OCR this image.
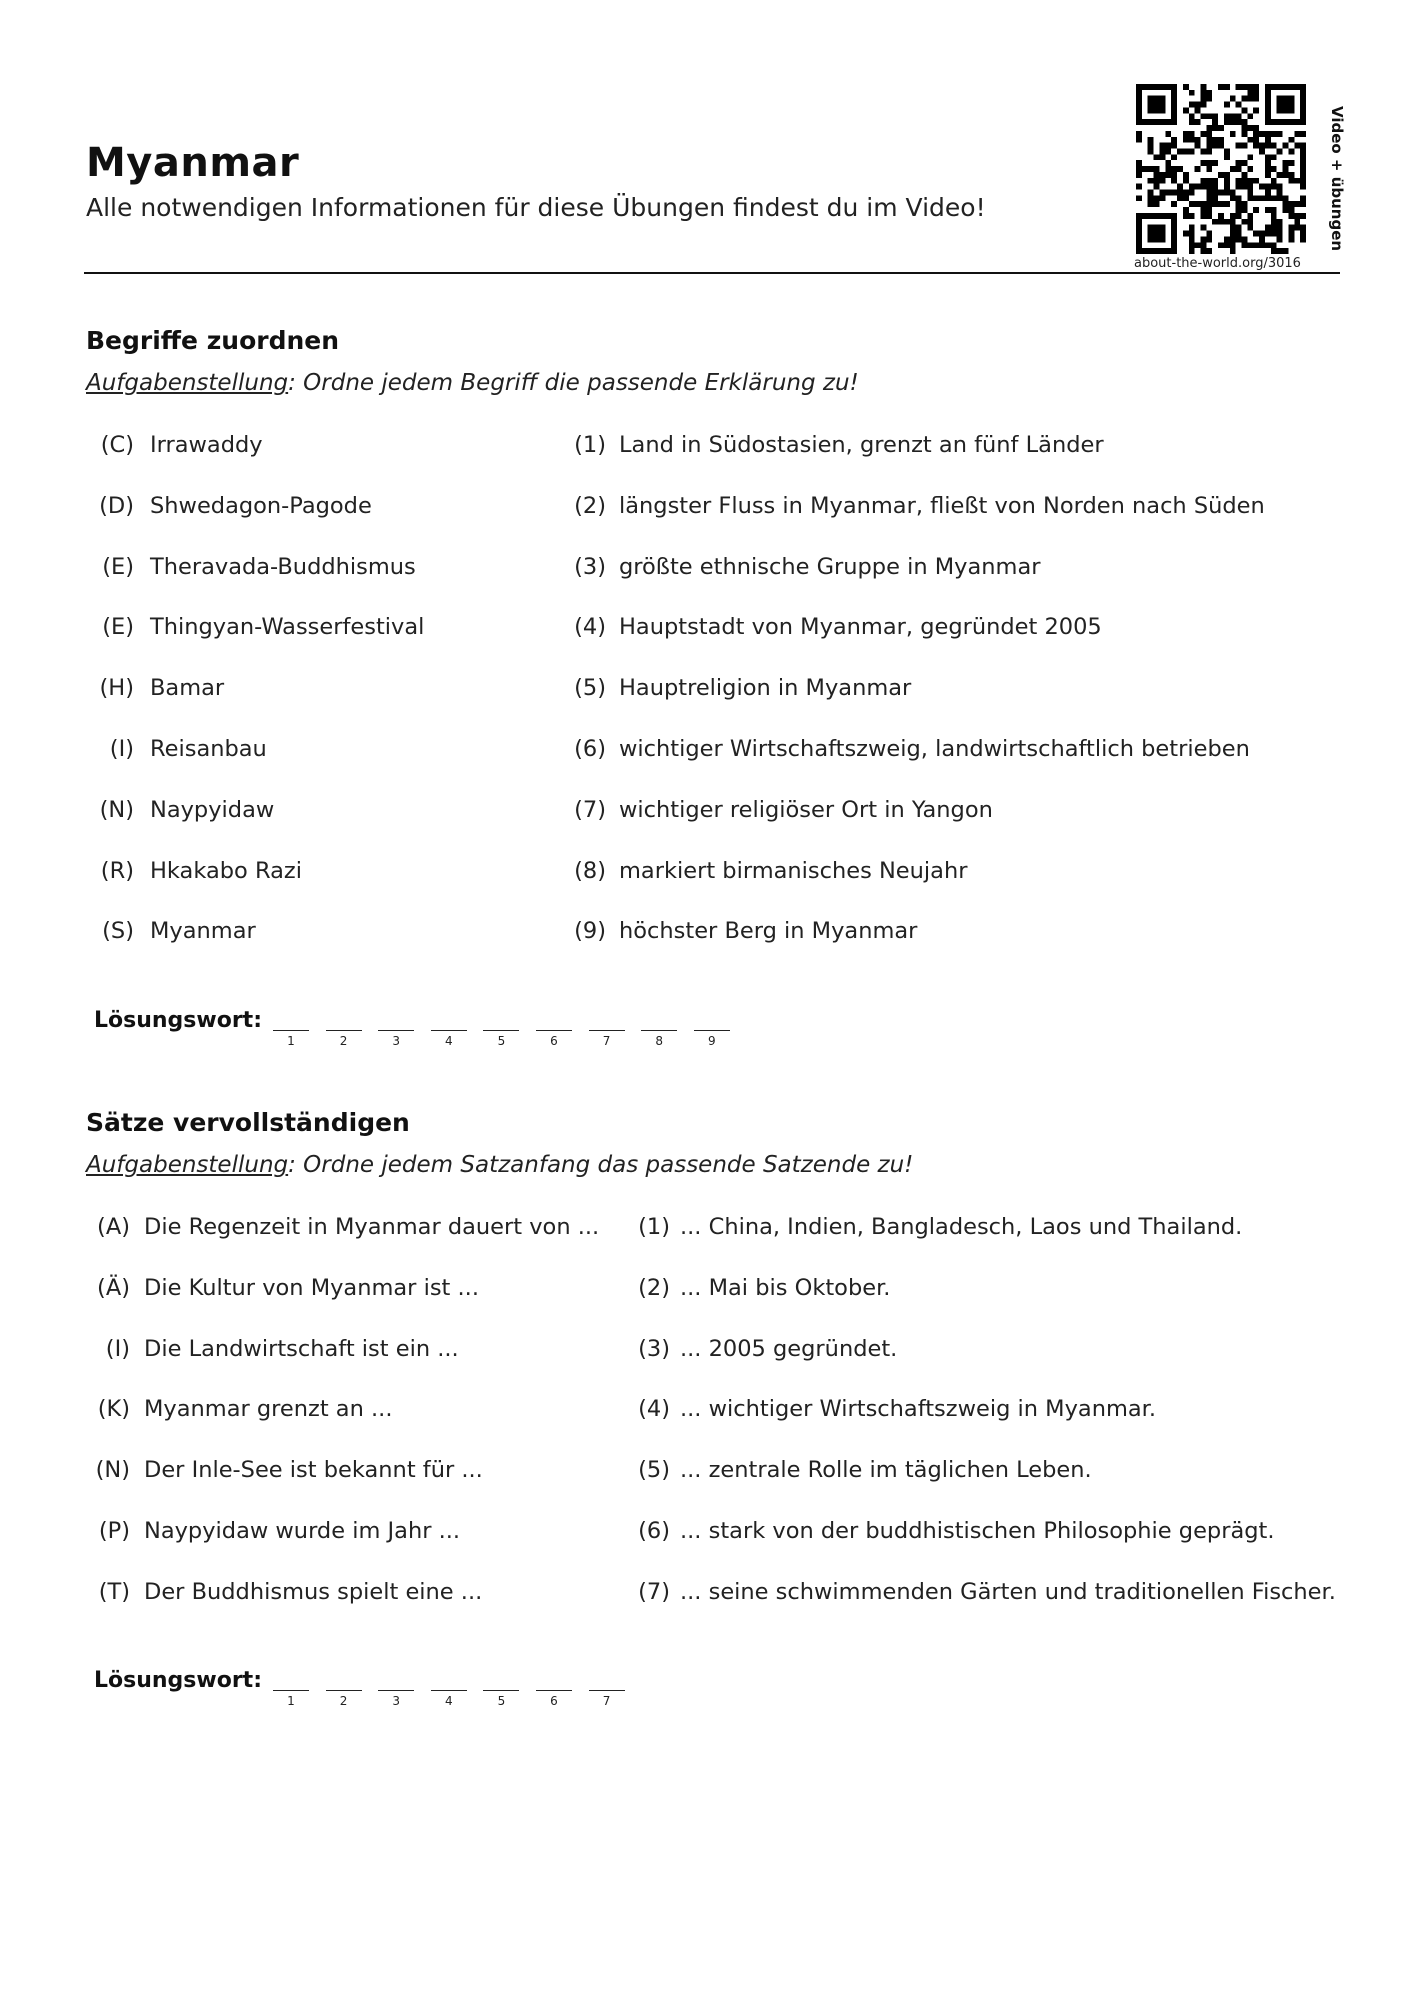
Myanmar
Alle notwendigen Informationen für diese Übungen findest du im Video!
about-the-world.org/3016
Video + übungen
Begriffe zuordnen
Aufgabenstellung: Ordne jedem Begriff die passende Erklärung zu!
(C) Irrawaddy	(1) Land in Südostasien, grenzt an fünf Länder
(D) Shwedagon-Pagode	(2) längster Fluss in Myanmar, fließt von Norden nach Süden
(E) Theravada-Buddhismus	(3) größte ethnische Gruppe in Myanmar
(E) Thingyan-Wasserfestival	(4) Hauptstadt von Myanmar, gegründet 2005
(H) Bamar	(5) Hauptreligion in Myanmar
(I) Reisanbau	(6) wichtiger Wirtschaftszweig, landwirtschaftlich betrieben
(N) Naypyidaw	(7) wichtiger religiöser Ort in Yangon
(R) Hkakabo Razi	(8) markiert birmanisches Neujahr
(S) Myanmar	(9) höchster Berg in Myanmar
Lösungswort:
1	2	3	4	5	6	7	8	9
Sätze vervollständigen
Aufgabenstellung: Ordne jedem Satzanfang das passende Satzende zu!
(A) Die Regenzeit in Myanmar dauert von ...	(1) ... China, Indien, Bangladesch, Laos und Thailand.
(Ä) Die Kultur von Myanmar ist ...	(2) ... Mai bis Oktober.
(I) Die Landwirtschaft ist ein ...	(3) ... 2005 gegründet.
(K) Myanmar grenzt an ...	(4) ... wichtiger Wirtschaftszweig in Myanmar.
(N) Der Inle-See ist bekannt für ...	(5) ... zentrale Rolle im täglichen Leben.
(P) Naypyidaw wurde im Jahr ...	(6) ... stark von der buddhistischen Philosophie geprägt.
(T) Der Buddhismus spielt eine ...	(7) ... seine schwimmenden Gärten und traditionellen Fischer.
Lösungswort:
1	2	3	4	5	6	7
